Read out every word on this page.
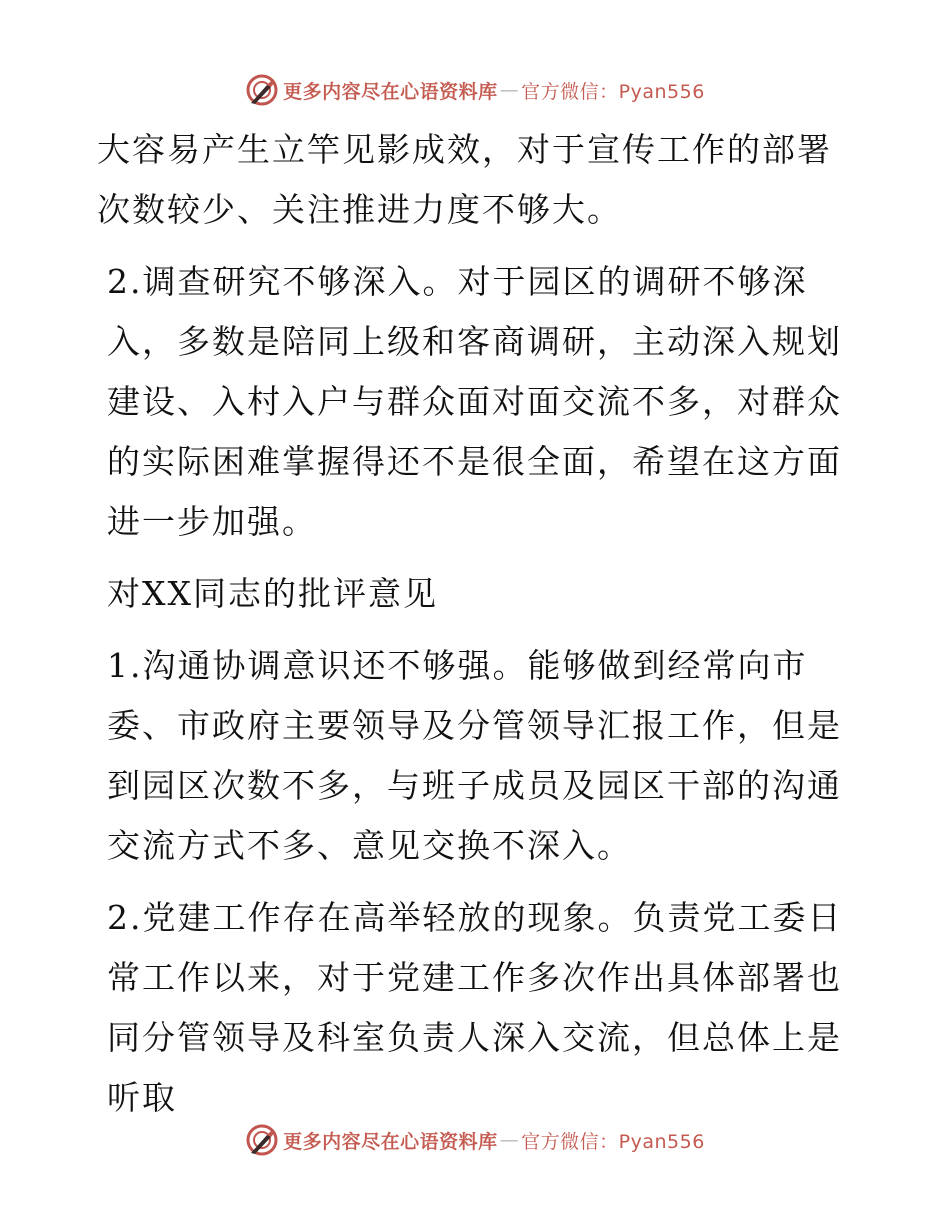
更多内容尽在心语资料库 — 官方微信：Pyan556

大容易产生立竿见影成效，对于宣传工作的部署次数较少、关注推进力度不够大。

2.调查研究不够深入。对于园区的调研不够深入，多数是陪同上级和客商调研，主动深入规划建设、入村入户与群众面对面交流不多，对群众的实际困难掌握得还不是很全面，希望在这方面进一步加强。

对XX同志的批评意见

1.沟通协调意识还不够强。能够做到经常向市委、市政府主要领导及分管领导汇报工作，但是到园区次数不多，与班子成员及园区干部的沟通交流方式不多、意见交换不深入。

2.党建工作存在高举轻放的现象。负责党工委日常工作以来，对于党建工作多次作出具体部署也同分管领导及科室负责人深入交流，但总体上是听取

更多内容尽在心语资料库 — 官方微信：Pyan556
